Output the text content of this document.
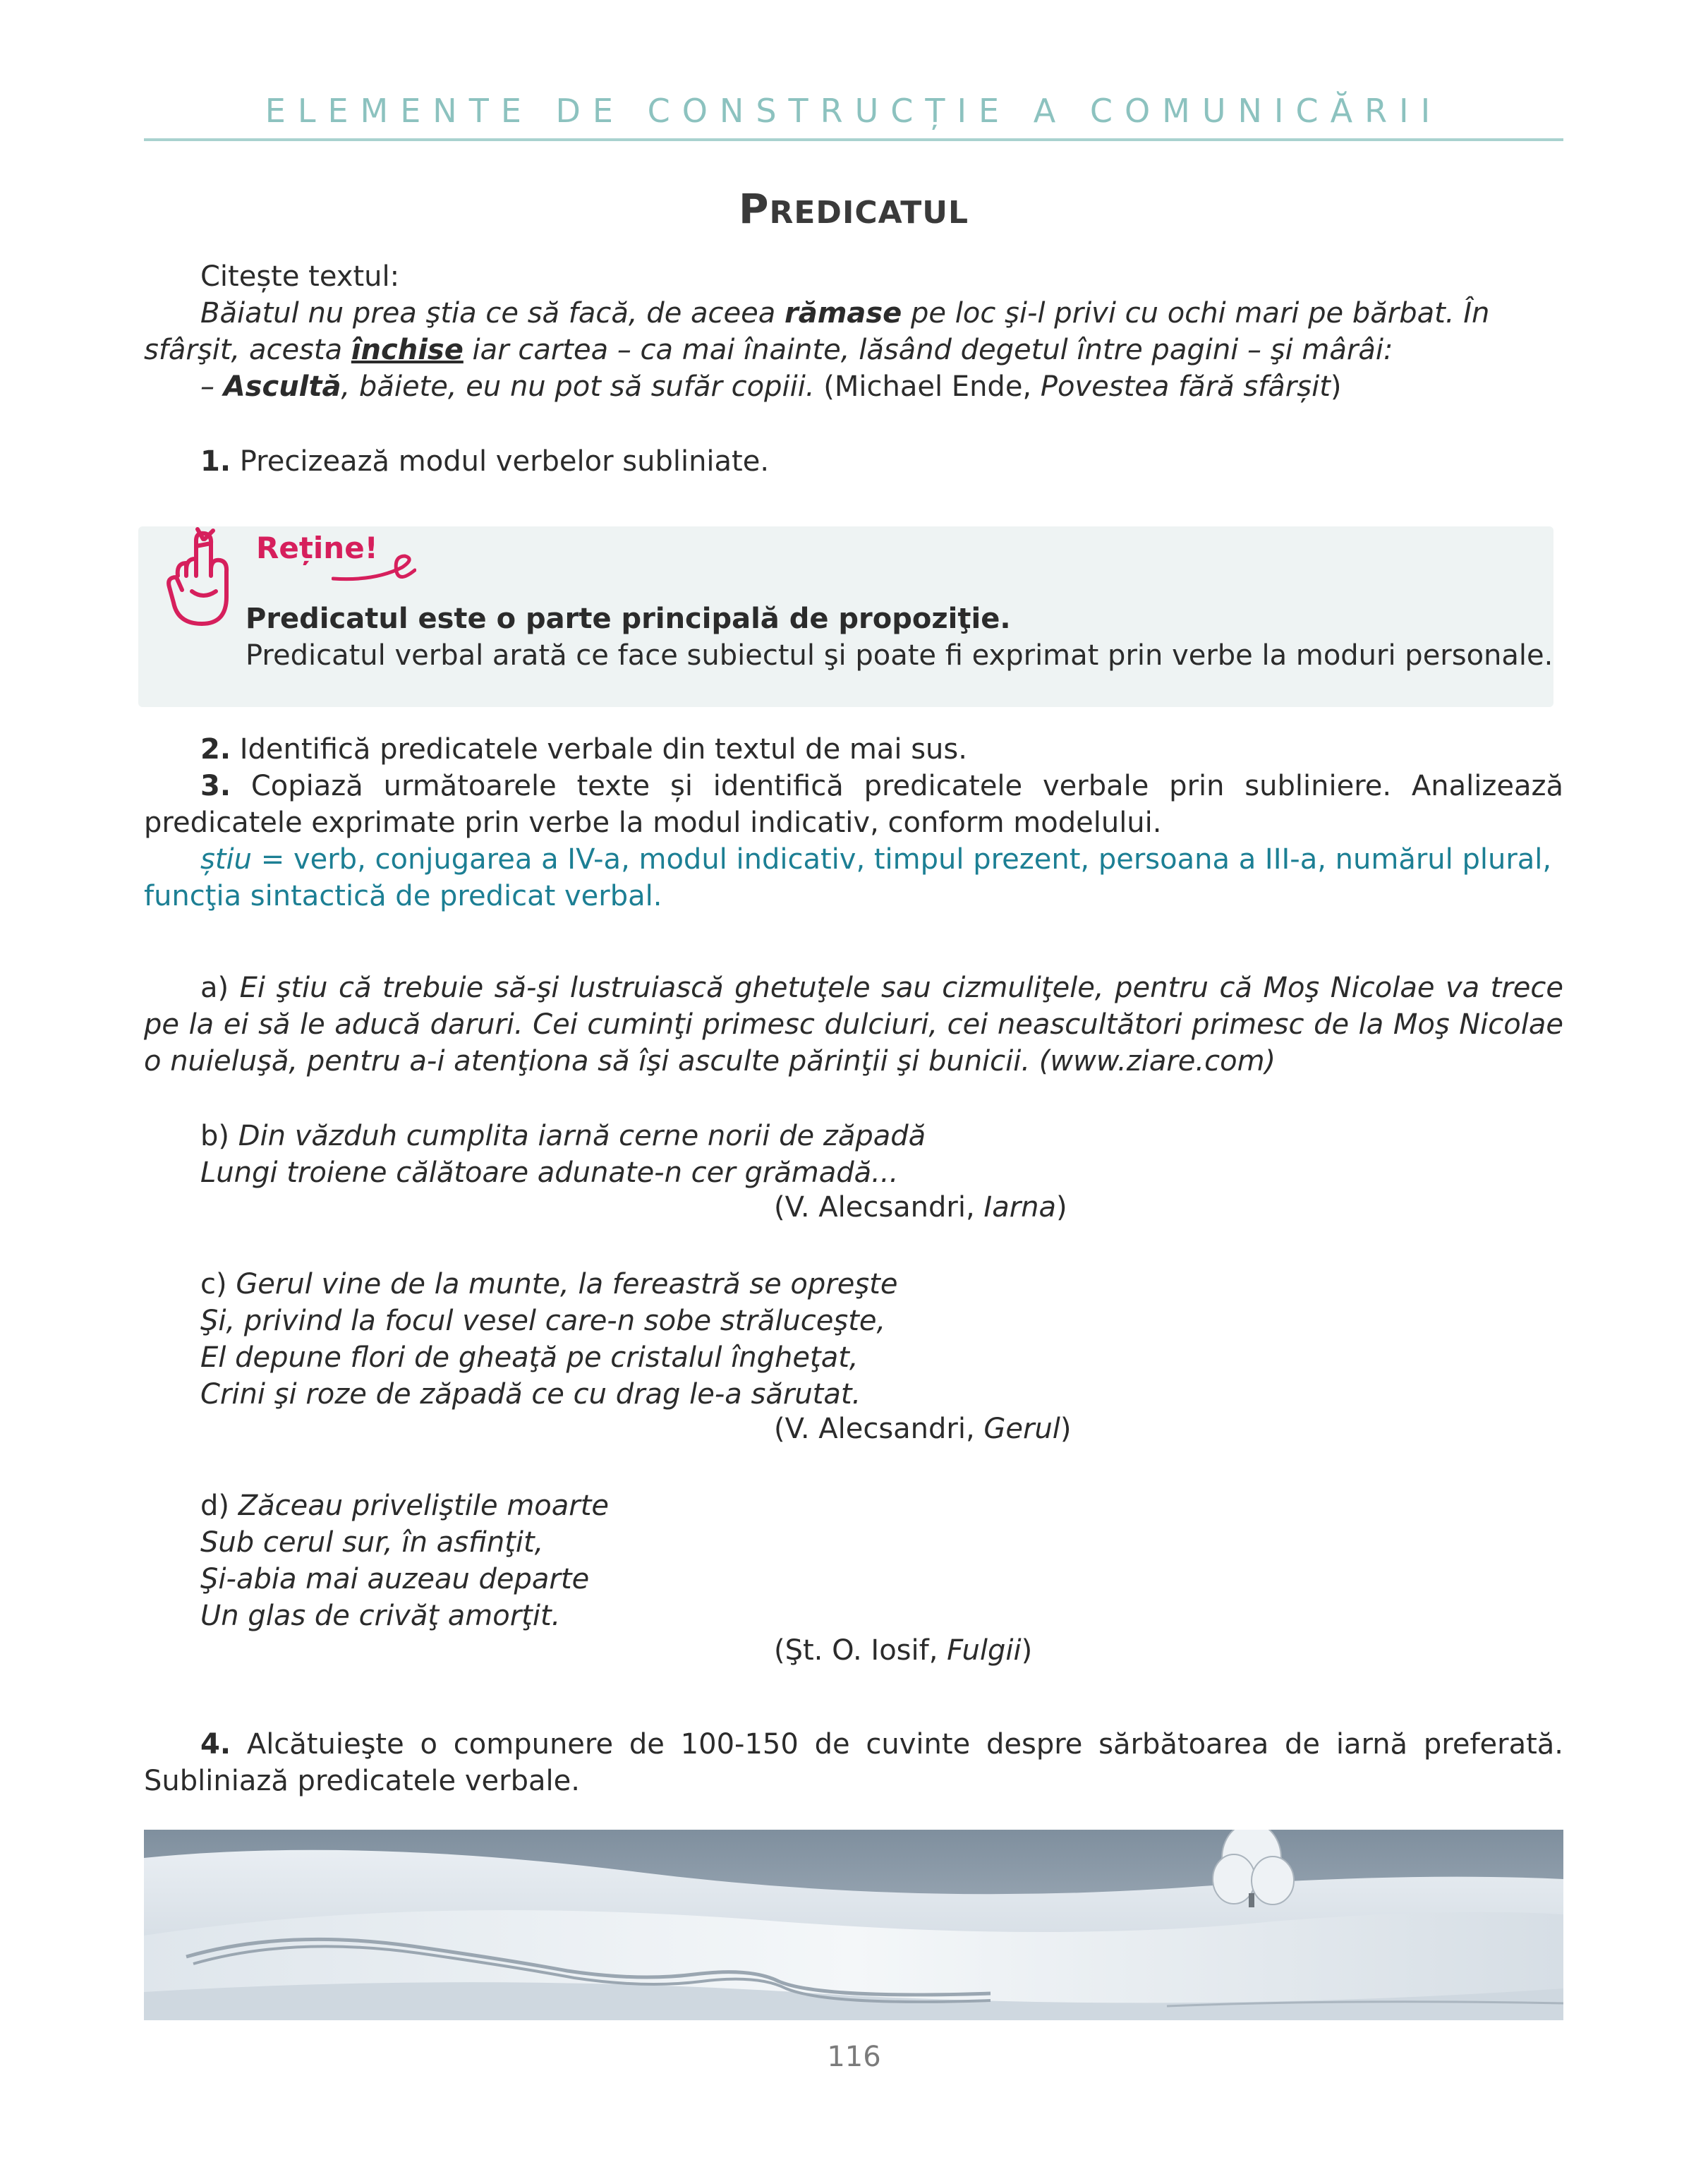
ELEMENTE DE CONSTRUCȚIE A COMUNICĂRII
PREDICATUL

Citește textul:

Băiatul nu prea ştia ce să facă, de aceea rămase pe loc şi-l privi cu ochi mari pe bărbat. În sfârşit, acesta închise iar cartea – ca mai înainte, lăsând degetul între pagini – şi mârâi:

– Ascultă, băiete, eu nu pot să sufăr copiii. (Michael Ende, Povestea fără sfârșit)

1. Precizează modul verbelor subliniate.

Reține!
Predicatul este o parte principală de propoziţie.
Predicatul verbal arată ce face subiectul şi poate fi exprimat prin verbe la moduri personale.

2. Identifică predicatele verbale din textul de mai sus.

3. Copiază următoarele texte și identifică predicatele verbale prin subliniere. Analizează predicatele exprimate prin verbe la modul indicativ, conform modelului.

știu = verb, conjugarea a IV-a, modul indicativ, timpul prezent, persoana a III-a, numărul plural, funcţia sintactică de predicat verbal.

a) Ei ştiu că trebuie să-şi lustruiască ghetuţele sau cizmuliţele, pentru că Moş Nicolae va trece pe la ei să le aducă daruri. Cei cuminţi primesc dulciuri, cei neascultători primesc de la Moş Nicolae o nuieluşă, pentru a-i atenţiona să îşi asculte părinţii şi bunicii. (www.ziare.com)

b) Din văzduh cumplita iarnă cerne norii de zăpadă
Lungi troiene călătoare adunate-n cer grămadă...
(V. Alecsandri, Iarna)
c) Gerul vine de la munte, la fereastră se opreşte
Şi, privind la focul vesel care-n sobe străluceşte,
El depune flori de gheaţă pe cristalul îngheţat,
Crini şi roze de zăpadă ce cu drag le-a sărutat.
(V. Alecsandri, Gerul)
d) Zăceau priveliştile moarte
Sub cerul sur, în asfinţit,
Şi-abia mai auzeau departe
Un glas de crivăţ amorţit.
(Şt. O. Iosif, Fulgii)

4. Alcătuieşte o compunere de 100-150 de cuvinte despre sărbătoarea de iarnă preferată. Subliniază predicatele verbale.

116
